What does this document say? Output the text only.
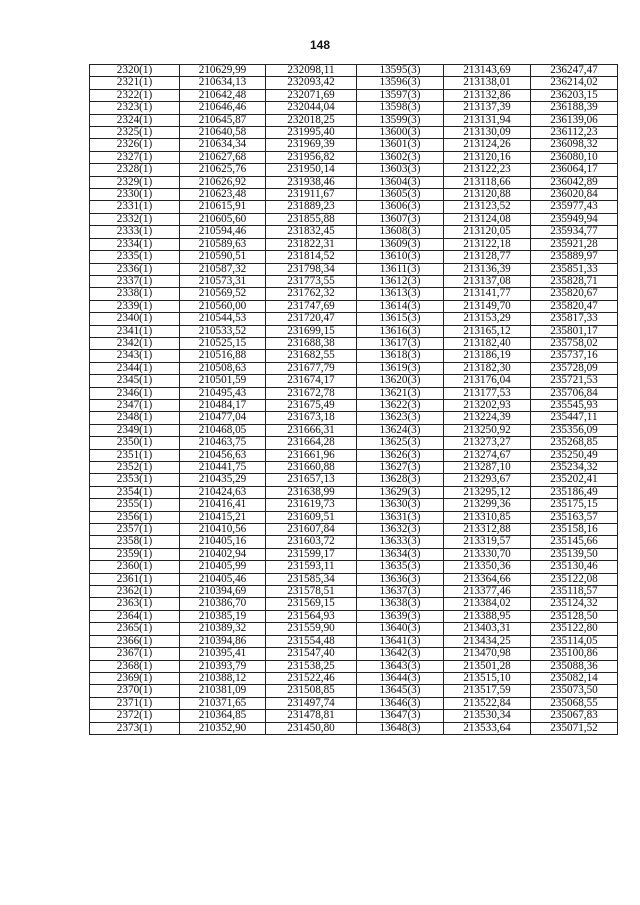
148
2320(1)	210629,99	232098,11	13595(3)	213143,69	236247,47
2321(1)	210634,13	232093,42	13596(3)	213138,01	236214,02
2322(1)	210642,48	232071,69	13597(3)	213132,86	236203,15
2323(1)	210646,46	232044,04	13598(3)	213137,39	236188,39
2324(1)	210645,87	232018,25	13599(3)	213131,94	236139,06
2325(1)	210640,58	231995,40	13600(3)	213130,09	236112,23
2326(1)	210634,34	231969,39	13601(3)	213124,26	236098,32
2327(1)	210627,68	231956,82	13602(3)	213120,16	236080,10
2328(1)	210625,76	231950,14	13603(3)	213122,23	236064,17
2329(1)	210626,92	231938,46	13604(3)	213118,66	236042,89
2330(1)	210623,48	231911,67	13605(3)	213120,88	236020,84
2331(1)	210615,91	231889,23	13606(3)	213123,52	235977,43
2332(1)	210605,60	231855,88	13607(3)	213124,08	235949,94
2333(1)	210594,46	231832,45	13608(3)	213120,05	235934,77
2334(1)	210589,63	231822,31	13609(3)	213122,18	235921,28
2335(1)	210590,51	231814,52	13610(3)	213128,77	235889,97
2336(1)	210587,32	231798,34	13611(3)	213136,39	235851,33
2337(1)	210573,31	231773,55	13612(3)	213137,08	235828,71
2338(1)	210569,52	231762,32	13613(3)	213141,77	235820,67
2339(1)	210560,00	231747,69	13614(3)	213149,70	235820,47
2340(1)	210544,53	231720,47	13615(3)	213153,29	235817,33
2341(1)	210533,52	231699,15	13616(3)	213165,12	235801,17
2342(1)	210525,15	231688,38	13617(3)	213182,40	235758,02
2343(1)	210516,88	231682,55	13618(3)	213186,19	235737,16
2344(1)	210508,63	231677,79	13619(3)	213182,30	235728,09
2345(1)	210501,59	231674,17	13620(3)	213176,04	235721,53
2346(1)	210495,43	231672,78	13621(3)	213177,53	235706,84
2347(1)	210484,17	231675,49	13622(3)	213202,93	235545,93
2348(1)	210477,04	231673,18	13623(3)	213224,39	235447,11
2349(1)	210468,05	231666,31	13624(3)	213250,92	235356,09
2350(1)	210463,75	231664,28	13625(3)	213273,27	235268,85
2351(1)	210456,63	231661,96	13626(3)	213274,67	235250,49
2352(1)	210441,75	231660,88	13627(3)	213287,10	235234,32
2353(1)	210435,29	231657,13	13628(3)	213293,67	235202,41
2354(1)	210424,63	231638,99	13629(3)	213295,12	235186,49
2355(1)	210416,41	231619,73	13630(3)	213299,36	235175,15
2356(1)	210415,21	231609,51	13631(3)	213310,85	235163,57
2357(1)	210410,56	231607,84	13632(3)	213312,88	235158,16
2358(1)	210405,16	231603,72	13633(3)	213319,57	235145,66
2359(1)	210402,94	231599,17	13634(3)	213330,70	235139,50
2360(1)	210405,99	231593,11	13635(3)	213350,36	235130,46
2361(1)	210405,46	231585,34	13636(3)	213364,66	235122,08
2362(1)	210394,69	231578,51	13637(3)	213377,46	235118,57
2363(1)	210386,70	231569,15	13638(3)	213384,02	235124,32
2364(1)	210385,19	231564,93	13639(3)	213388,95	235128,50
2365(1)	210389,32	231559,90	13640(3)	213403,31	235122,80
2366(1)	210394,86	231554,48	13641(3)	213434,25	235114,05
2367(1)	210395,41	231547,40	13642(3)	213470,98	235100,86
2368(1)	210393,79	231538,25	13643(3)	213501,28	235088,36
2369(1)	210388,12	231522,46	13644(3)	213515,10	235082,14
2370(1)	210381,09	231508,85	13645(3)	213517,59	235073,50
2371(1)	210371,65	231497,74	13646(3)	213522,84	235068,55
2372(1)	210364,85	231478,81	13647(3)	213530,34	235067,83
2373(1)	210352,90	231450,80	13648(3)	213533,64	235071,52
